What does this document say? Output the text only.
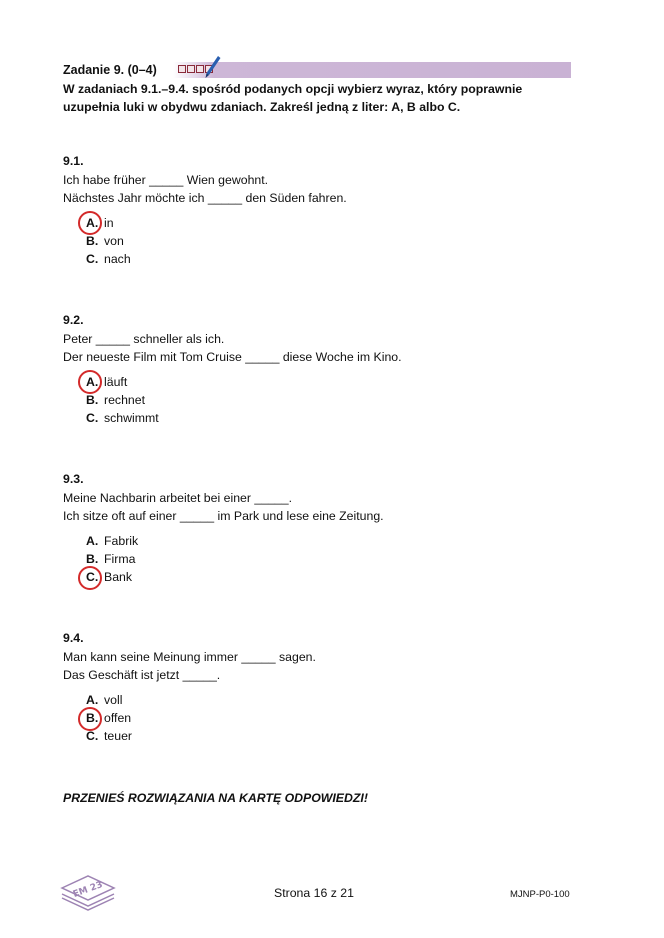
Zadanie 9. (0–4)
W zadaniach 9.1.–9.4. spośród podanych opcji wybierz wyraz, który poprawnie uzupełnia luki w obydwu zdaniach. Zakreśl jedną z liter: A, B albo C.
9.1.
Ich habe früher _____ Wien gewohnt.
Nächstes Jahr möchte ich _____ den Süden fahren.
A. in
B. von
C. nach
9.2.
Peter _____ schneller als ich.
Der neueste Film mit Tom Cruise _____ diese Woche im Kino.
A. läuft
B. rechnet
C. schwimmt
9.3.
Meine Nachbarin arbeitet bei einer _____.
Ich sitze oft auf einer _____ im Park und lese eine Zeitung.
A. Fabrik
B. Firma
C. Bank
9.4.
Man kann seine Meinung immer _____ sagen.
Das Geschäft ist jetzt _____.
A. voll
B. offen
C. teuer
PRZENIEŚ ROZWIĄZANIA NA KARTĘ ODPOWIEDZI!
EM 23	Strona 16 z 21	MJNP-P0-100
